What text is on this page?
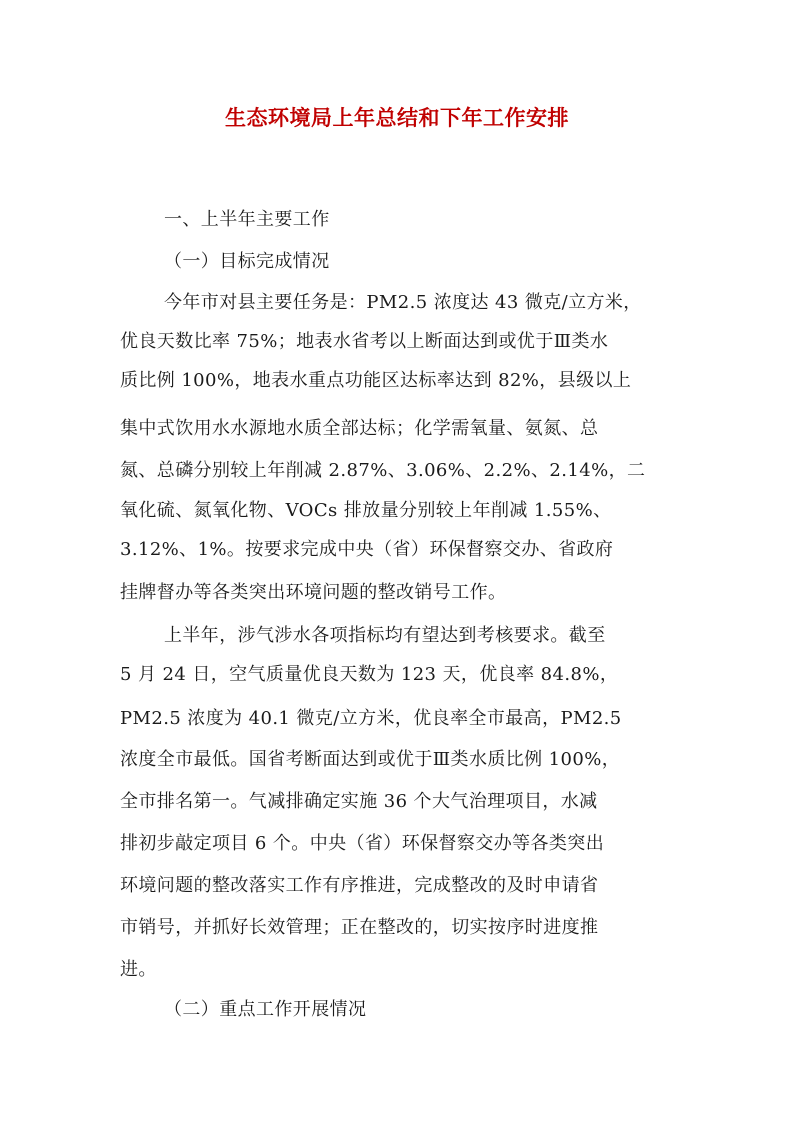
生态环境局上年总结和下年工作安排
一、上半年主要工作
（一）目标完成情况
今年市对县主要任务是：PM2.5 浓度达 43 微克/立方米，
优良天数比率 75%；地表水省考以上断面达到或优于Ⅲ类水
质比例 100%，地表水重点功能区达标率达到 82%，县级以上
集中式饮用水水源地水质全部达标；化学需氧量、氨氮、总
氮、总磷分别较上年削减 2.87%、3.06%、2.2%、2.14%，二
氧化硫、氮氧化物、VOCs 排放量分别较上年削减 1.55%、
3.12%、1%。按要求完成中央（省）环保督察交办、省政府
挂牌督办等各类突出环境问题的整改销号工作。
上半年，涉气涉水各项指标均有望达到考核要求。截至
5 月 24 日，空气质量优良天数为 123 天，优良率 84.8%，
PM2.5 浓度为 40.1 微克/立方米，优良率全市最高，PM2.5
浓度全市最低。国省考断面达到或优于Ⅲ类水质比例 100%，
全市排名第一。气减排确定实施 36 个大气治理项目，水减
排初步敲定项目 6 个。中央（省）环保督察交办等各类突出
环境问题的整改落实工作有序推进，完成整改的及时申请省
市销号，并抓好长效管理；正在整改的，切实按序时进度推
进。
（二）重点工作开展情况
